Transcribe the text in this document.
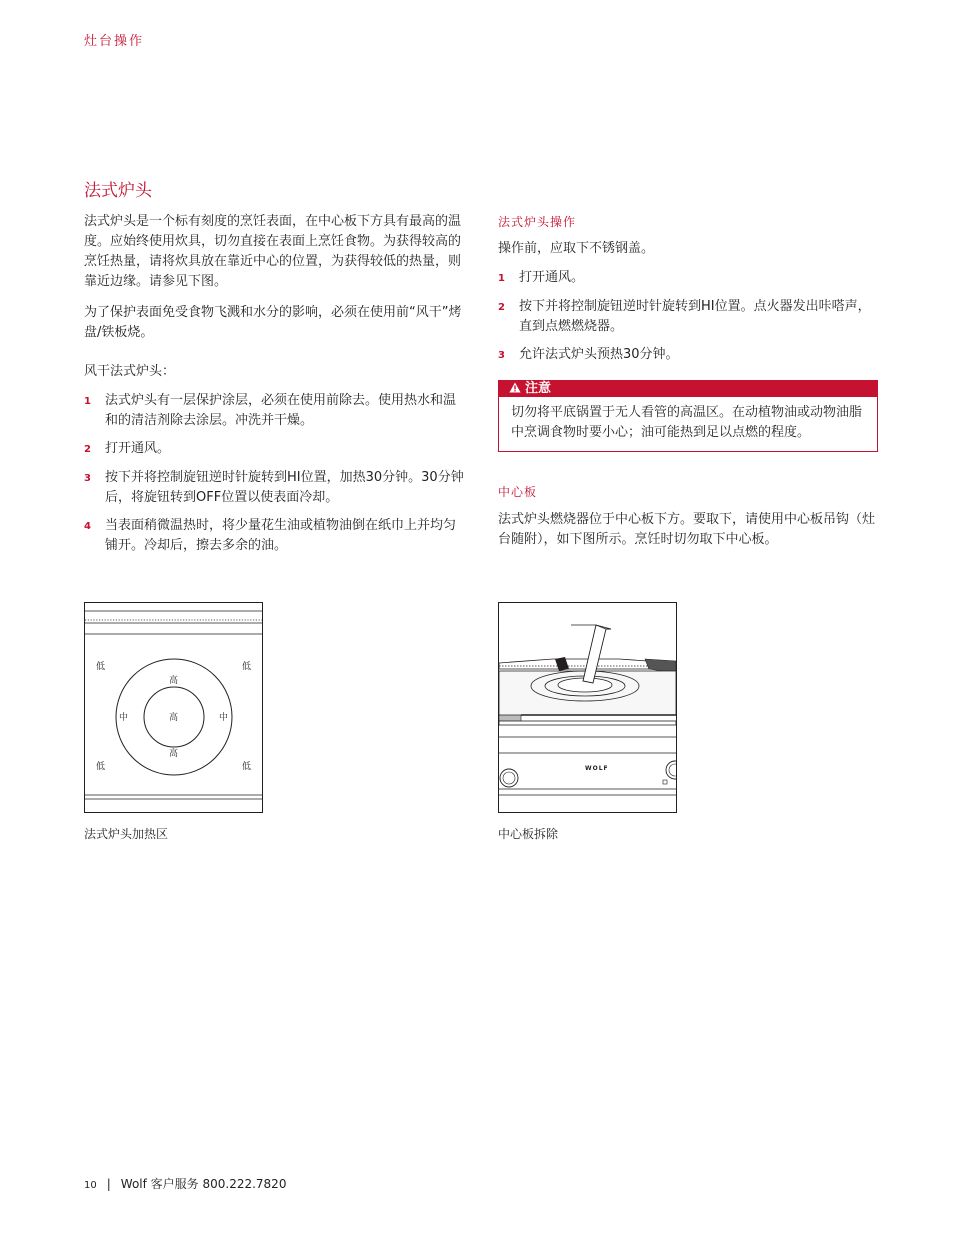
灶台操作
法式炉头

法式炉头是一个标有刻度的烹饪表面，在中心板下方具有最高的温度。应始终使用炊具，切勿直接在表面上烹饪食物。为获得较高的烹饪热量，请将炊具放在靠近中心的位置，为获得较低的热量，则靠近边缘。请参见下图。

为了保护表面免受食物飞溅和水分的影响，必须在使用前“风干”烤盘/铁板烧。

风干法式炉头：

1	法式炉头有一层保护涂层，必须在使用前除去。使用热水和温和的清洁剂除去涂层。冲洗并干燥。
2	打开通风。
3	按下并将控制旋钮逆时针旋转到HI位置，加热30分钟。30分钟后，将旋钮转到OFF位置以使表面冷却。
4	当表面稍微温热时，将少量花生油或植物油倒在纸巾上并均匀铺开。冷却后，擦去多余的油。
法式炉头操作

操作前，应取下不锈钢盖。

1	打开通风。
2	按下并将控制旋钮逆时针旋转到HI位置。点火器发出咔嗒声，直到点燃燃烧器。
3	允许法式炉头预热30分钟。
注意
切勿将平底锅置于无人看管的高温区。在动植物油或动物油脂中烹调食物时要小心；油可能热到足以点燃的程度。
中心板

法式炉头燃烧器位于中心板下方。要取下，请使用中心板吊钩（灶台随附），如下图所示。烹饪时切勿取下中心板。

低	低
低	低
高
高
高
中	中
法式炉头加热区
WOLF
中心板拆除
10 | Wolf 客户服务 800.222.7820
